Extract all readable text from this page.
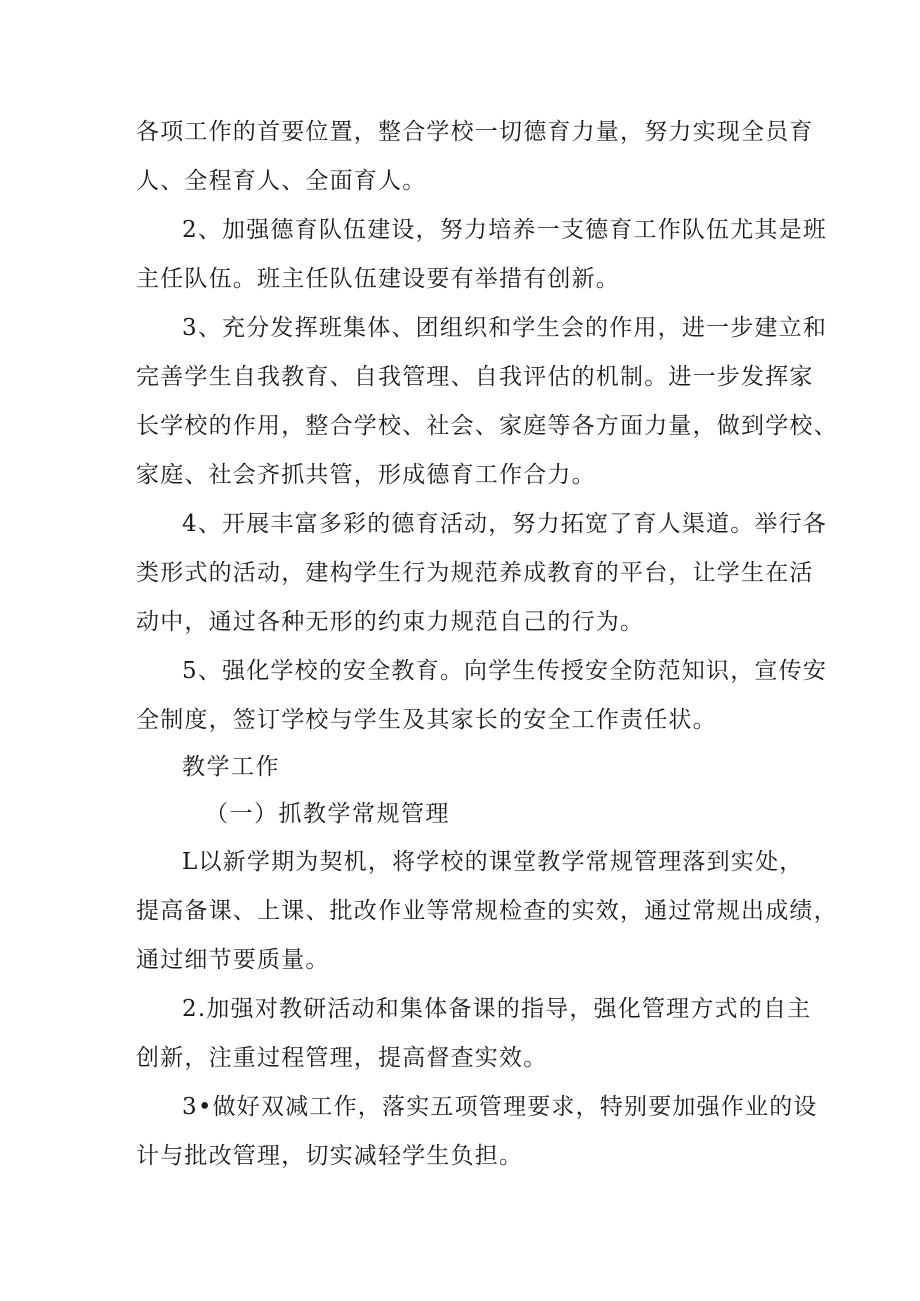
各项工作的首要位置，整合学校一切德育力量，努力实现全员育
人、全程育人、全面育人。
2、加强德育队伍建设，努力培养一支德育工作队伍尤其是班
主任队伍。班主任队伍建设要有举措有创新。
3、充分发挥班集体、团组织和学生会的作用，进一步建立和
完善学生自我教育、自我管理、自我评估的机制。进一步发挥家
长学校的作用，整合学校、社会、家庭等各方面力量，做到学校、
家庭、社会齐抓共管，形成德育工作合力。
4、开展丰富多彩的德育活动，努力拓宽了育人渠道。举行各
类形式的活动，建构学生行为规范养成教育的平台，让学生在活
动中，通过各种无形的约束力规范自己的行为。
5、强化学校的安全教育。向学生传授安全防范知识，宣传安
全制度，签订学校与学生及其家长的安全工作责任状。
教学工作
（一）抓教学常规管理
L以新学期为契机，将学校的课堂教学常规管理落到实处，
提高备课、上课、批改作业等常规检查的实效，通过常规出成绩，
通过细节要质量。
2.加强对教研活动和集体备课的指导，强化管理方式的自主
创新，注重过程管理，提高督查实效。
3•做好双减工作，落实五项管理要求，特别要加强作业的设
计与批改管理，切实减轻学生负担。
